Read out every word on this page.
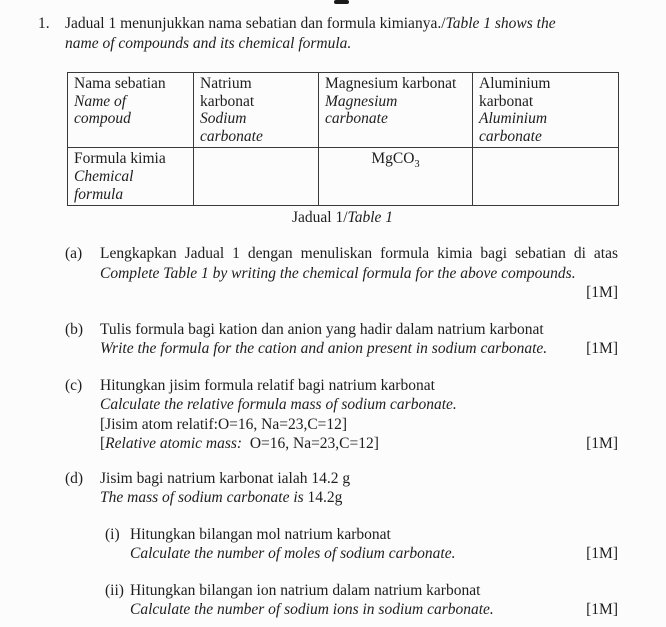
1. Jadual 1 menunjukkan nama sebatian dan formula kimianya./Table 1 shows the
name of compounds and its chemical formula.
Nama sebatian
Name of
compoud	Natrium
karbonat
Sodium
carbonate	Magnesium karbonat
Magnesium
carbonate	Aluminium
karbonat
Aluminium
carbonate

Formula kimia
Chemical
formula		MgCO$_3$	
Jadual 1/Table 1
(a)	Lengkapkan Jadual 1 dengan menuliskan formula kimia bagi sebatian di atas
Complete Table 1 by writing the chemical formula for the above compounds.
[1M]
(b)	Tulis formula bagi kation dan anion yang hadir dalam natrium karbonat
Write the formula for the cation and anion present in sodium carbonate.	[1M]
(c)	Hitungkan jisim formula relatif bagi natrium karbonat
Calculate the relative formula mass of sodium carbonate.
[Jisim atom relatif:O=16, Na=23,C=12]
[Relative atomic mass:  O=16, Na=23,C=12]	[1M]
(d)	Jisim bagi natrium karbonat ialah 14.2 g
The mass of sodium carbonate is 14.2g
(i) Hitungkan bilangan mol natrium karbonat
Calculate the number of moles of sodium carbonate.	[1M]
(ii) Hitungkan bilangan ion natrium dalam natrium karbonat
Calculate the number of sodium ions in sodium carbonate.	[1M]
